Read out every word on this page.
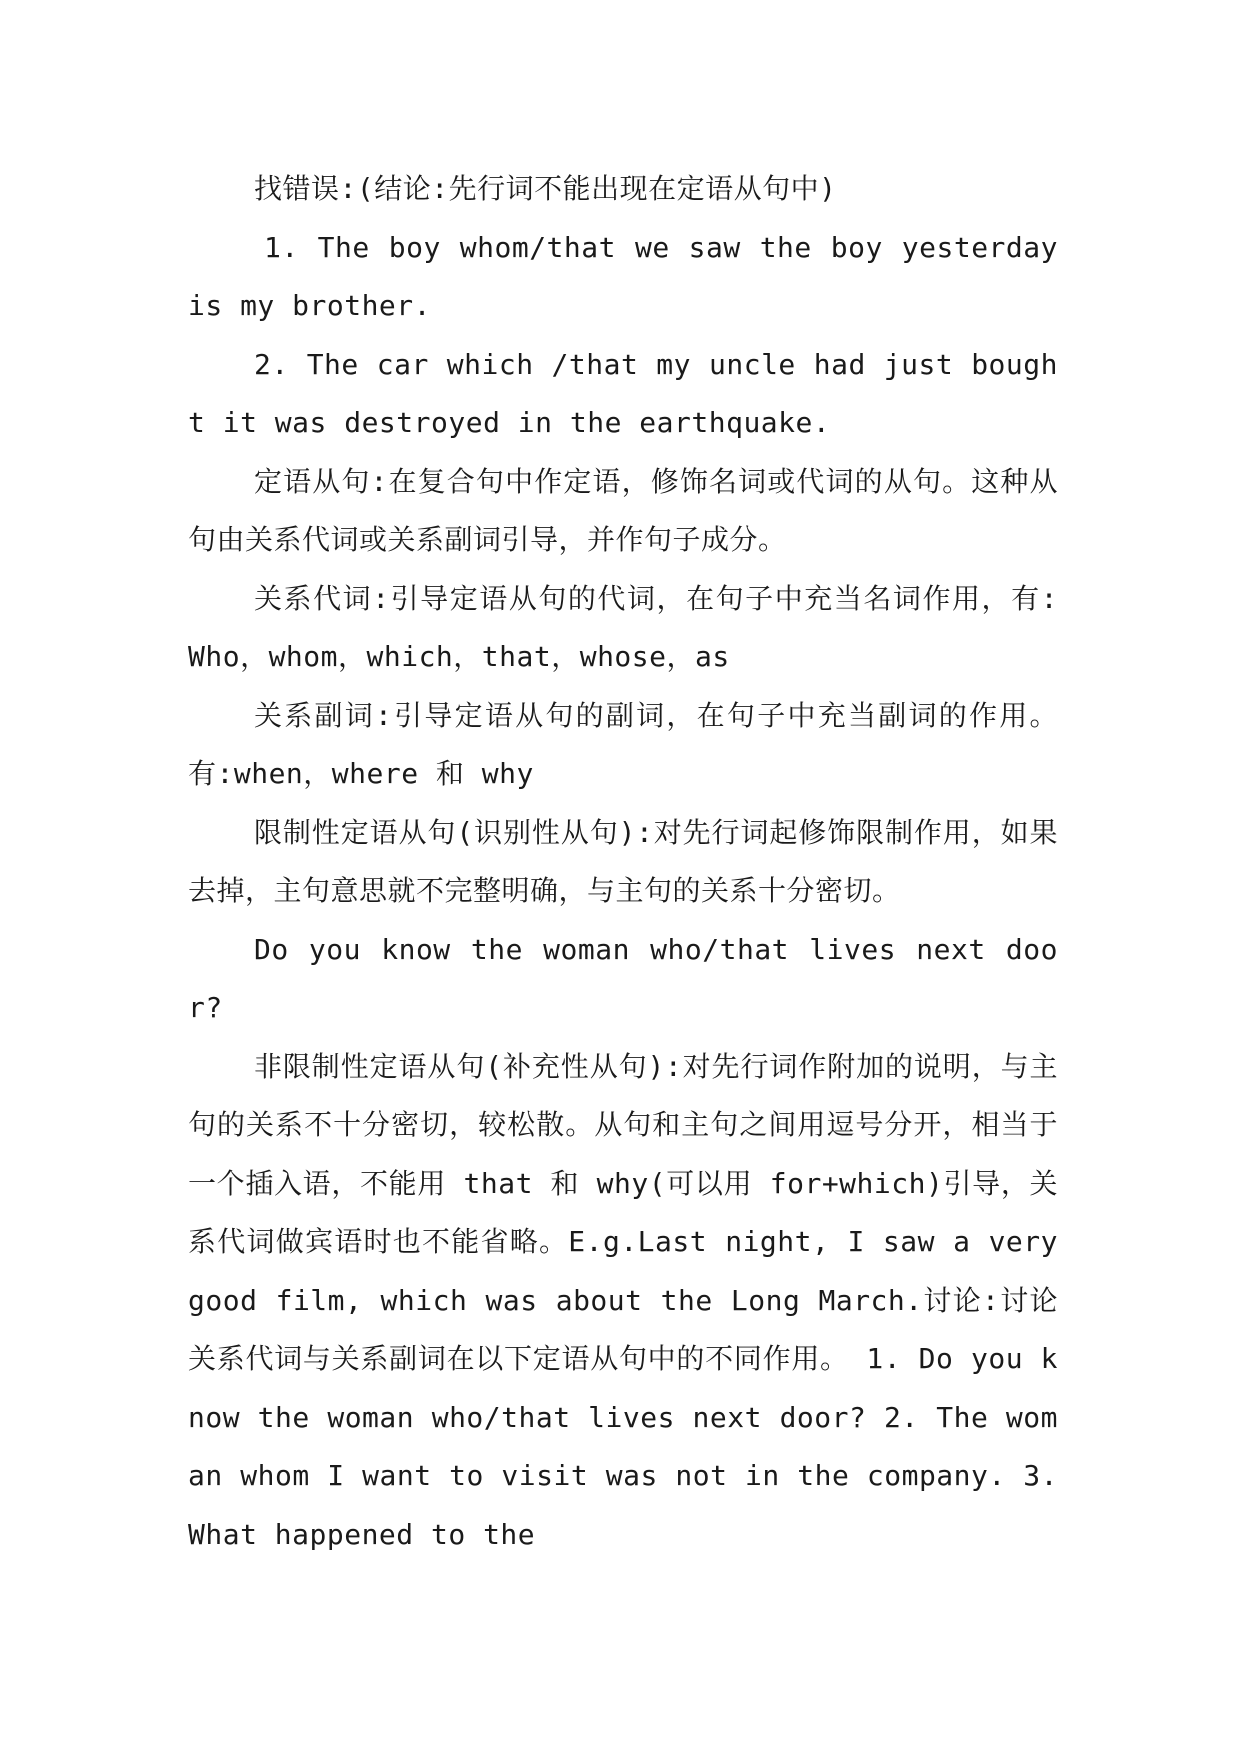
找错误:(结论:先行词不能出现在定语从句中)

1. The boy whom/that we saw the boy yesterday is my brother.

2. The car which /that my uncle had just bought it was destroyed in the earthquake.

定语从句:在复合句中作定语，修饰名词或代词的从句。这种从句由关系代词或关系副词引导，并作句子成分。

关系代词:引导定语从句的代词，在句子中充当名词作用，有: Who，whom，which，that，whose，as

关系副词:引导定语从句的副词，在句子中充当副词的作用。 有:when，where 和 why

限制性定语从句(识别性从句):对先行词起修饰限制作用，如果去掉，主句意思就不完整明确，与主句的关系十分密切。

Do you know the woman who/that lives next door?

非限制性定语从句(补充性从句):对先行词作附加的说明，与主句的关系不十分密切，较松散。从句和主句之间用逗号分开，相当于一个插入语，不能用 that 和 why(可以用 for+which)引导，关系代词做宾语时也不能省略。E.g.Last night, I saw a very good film, which was about the Long March.讨论:讨论关系代词与关系副词在以下定语从句中的不同作用。 1. Do you know the woman who/that lives next door? 2. The woman whom I want to visit was not in the company. 3. What happened to the
